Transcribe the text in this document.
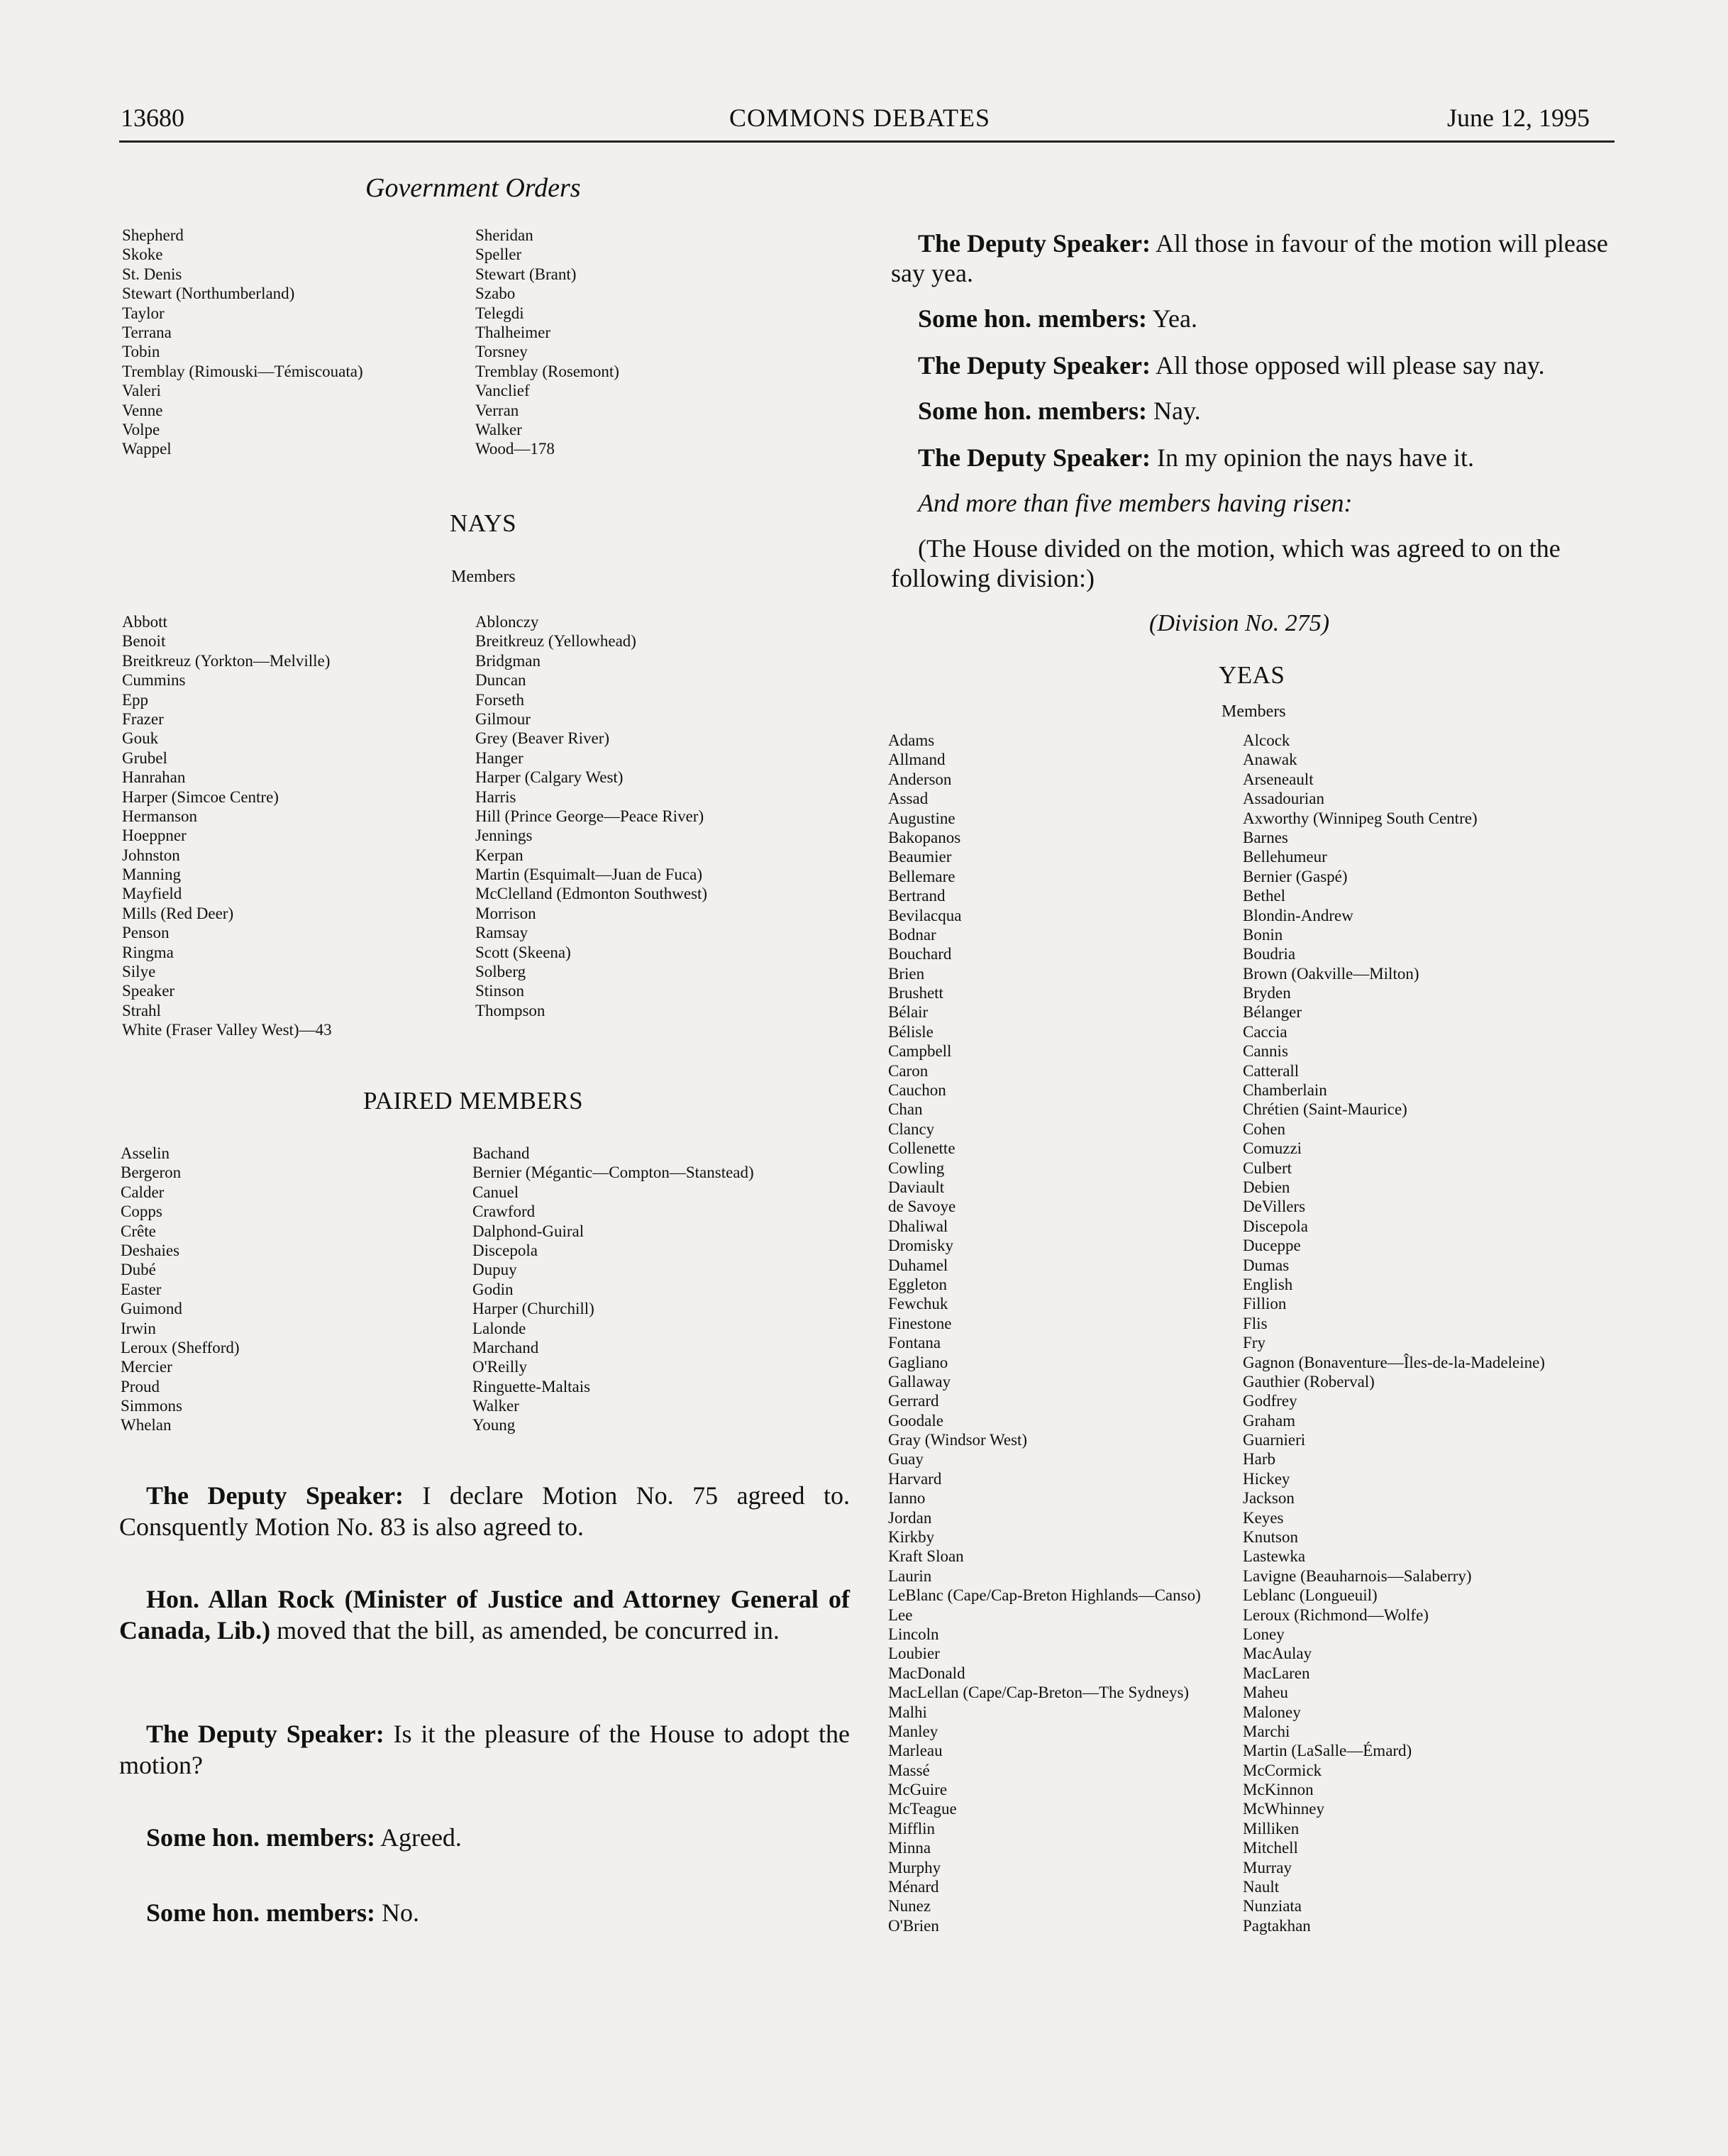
13680	COMMONS DEBATES	June 12, 1995
Government Orders
Shepherd
Skoke
St. Denis
Stewart (Northumberland)
Taylor
Terrana
Tobin
Tremblay (Rimouski—Témiscouata)
Valeri
Venne
Volpe
Wappel
Sheridan
Speller
Stewart (Brant)
Szabo
Telegdi
Thalheimer
Torsney
Tremblay (Rosemont)
Vanclief
Verran
Walker
Wood—178
NAYS
Members
Abbott
Benoit
Breitkreuz (Yorkton—Melville)
Cummins
Epp
Frazer
Gouk
Grubel
Hanrahan
Harper (Simcoe Centre)
Hermanson
Hoeppner
Johnston
Manning
Mayfield
Mills (Red Deer)
Penson
Ringma
Silye
Speaker
Strahl
White (Fraser Valley West)—43
Ablonczy
Breitkreuz (Yellowhead)
Bridgman
Duncan
Forseth
Gilmour
Grey (Beaver River)
Hanger
Harper (Calgary West)
Harris
Hill (Prince George—Peace River)
Jennings
Kerpan
Martin (Esquimalt—Juan de Fuca)
McClelland (Edmonton Southwest)
Morrison
Ramsay
Scott (Skeena)
Solberg
Stinson
Thompson
PAIRED MEMBERS
Asselin
Bergeron
Calder
Copps
Crête
Deshaies
Dubé
Easter
Guimond
Irwin
Leroux (Shefford)
Mercier
Proud
Simmons
Whelan
Bachand
Bernier (Mégantic—Compton—Stanstead)
Canuel
Crawford
Dalphond-Guiral
Discepola
Dupuy
Godin
Harper (Churchill)
Lalonde
Marchand
O'Reilly
Ringuette-Maltais
Walker
Young
The Deputy Speaker: I declare Motion No. 75 agreed to. Consquently Motion No. 83 is also agreed to.
Hon. Allan Rock (Minister of Justice and Attorney General of Canada, Lib.) moved that the bill, as amended, be concurred in.
The Deputy Speaker: Is it the pleasure of the House to adopt the motion?
Some hon. members: Agreed.
Some hon. members: No.
The Deputy Speaker: All those in favour of the motion will please say yea.
Some hon. members: Yea.
The Deputy Speaker: All those opposed will please say nay.
Some hon. members: Nay.
The Deputy Speaker: In my opinion the nays have it.
And more than five members having risen:
(The House divided on the motion, which was agreed to on the following division:)
(Division No. 275)
YEAS
Members
Adams
Allmand
Anderson
Assad
Augustine
Bakopanos
Beaumier
Bellemare
Bertrand
Bevilacqua
Bodnar
Bouchard
Brien
Brushett
Bélair
Bélisle
Campbell
Caron
Cauchon
Chan
Clancy
Collenette
Cowling
Daviault
de Savoye
Dhaliwal
Dromisky
Duhamel
Eggleton
Fewchuk
Finestone
Fontana
Gagliano
Gallaway
Gerrard
Goodale
Gray (Windsor West)
Guay
Harvard
Ianno
Jordan
Kirkby
Kraft Sloan
Laurin
LeBlanc (Cape/Cap-Breton Highlands—Canso)
Lee
Lincoln
Loubier
MacDonald
MacLellan (Cape/Cap-Breton—The Sydneys)
Malhi
Manley
Marleau
Massé
McGuire
McTeague
Mifflin
Minna
Murphy
Ménard
Nunez
O'Brien
Alcock
Anawak
Arseneault
Assadourian
Axworthy (Winnipeg South Centre)
Barnes
Bellehumeur
Bernier (Gaspé)
Bethel
Blondin-Andrew
Bonin
Boudria
Brown (Oakville—Milton)
Bryden
Bélanger
Caccia
Cannis
Catterall
Chamberlain
Chrétien (Saint-Maurice)
Cohen
Comuzzi
Culbert
Debien
DeVillers
Discepola
Duceppe
Dumas
English
Fillion
Flis
Fry
Gagnon (Bonaventure—Îles-de-la-Madeleine)
Gauthier (Roberval)
Godfrey
Graham
Guarnieri
Harb
Hickey
Jackson
Keyes
Knutson
Lastewka
Lavigne (Beauharnois—Salaberry)
Leblanc (Longueuil)
Leroux (Richmond—Wolfe)
Loney
MacAulay
MacLaren
Maheu
Maloney
Marchi
Martin (LaSalle—Émard)
McCormick
McKinnon
McWhinney
Milliken
Mitchell
Murray
Nault
Nunziata
Pagtakhan
